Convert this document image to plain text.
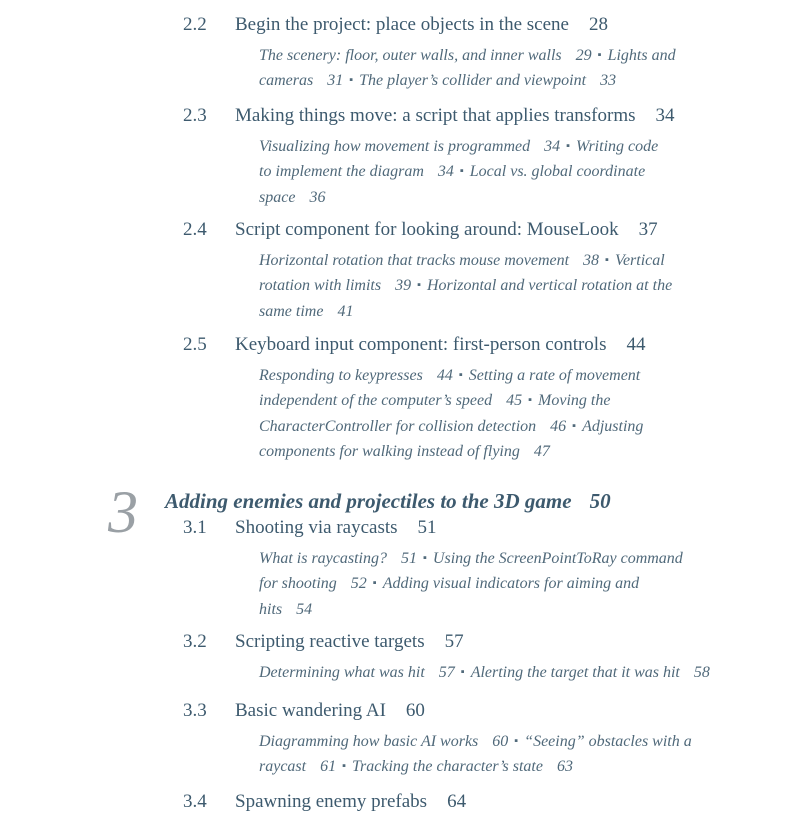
2.2	Begin the project: place objects in the scene 28
The scenery: floor, outer walls, and inner walls 29 ▪ Lights and
cameras 31 ▪ The player’s collider and viewpoint 33
2.3	Making things move: a script that applies transforms 34
Visualizing how movement is programmed 34 ▪ Writing code
to implement the diagram 34 ▪ Local vs. global coordinate
space 36
2.4	Script component for looking around: MouseLook 37
Horizontal rotation that tracks mouse movement 38 ▪ Vertical
rotation with limits 39 ▪ Horizontal and vertical rotation at the
same time 41
2.5	Keyboard input component: first-person controls 44
Responding to keypresses 44 ▪ Setting a rate of movement
independent of the computer’s speed 45 ▪ Moving the
CharacterController for collision detection 46 ▪ Adjusting
components for walking instead of flying 47
3 Adding enemies and projectiles to the 3D game 50
3.1	Shooting via raycasts 51
What is raycasting? 51 ▪ Using the ScreenPointToRay command
for shooting 52 ▪ Adding visual indicators for aiming and
hits 54
3.2	Scripting reactive targets 57
Determining what was hit 57 ▪ Alerting the target that it was hit 58
3.3	Basic wandering AI 60
Diagramming how basic AI works 60 ▪ “Seeing” obstacles with a
raycast 61 ▪ Tracking the character’s state 63
3.4	Spawning enemy prefabs 64
